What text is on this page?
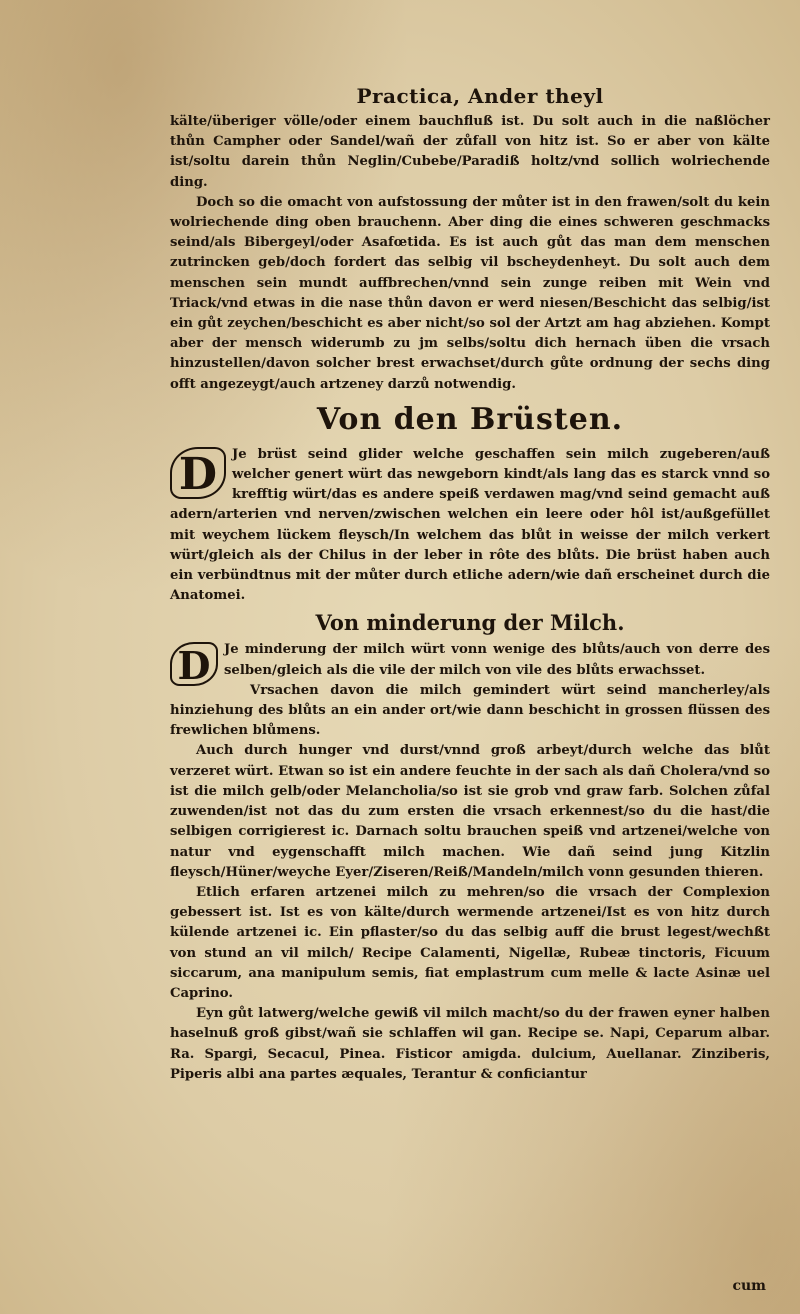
Practica, Ander theyl

kälte/überiger völle/oder einem bauchfluß ist. Du solt auch in die naßlöcher thůn Campher oder Sandel/wañ der zůfall von hitz ist. So er aber von kälte ist/soltu darein thůn Neglin/Cubebe/Paradiß holtz/vnd sollich wolriechende ding.

Doch so die omacht von aufstossung der můter ist in den frawen/solt du kein wolriechende ding oben brauchenn. Aber ding die eines schweren geschmacks seind/als Bibergeyl/oder Asafœtida. Es ist auch gůt das man dem menschen zutrincken geb/doch fordert das selbig vil bscheydenheyt. Du solt auch dem menschen sein mundt auffbrechen/vnnd sein zunge reiben mit Wein vnd Triack/vnd etwas in die nase thůn davon er werd niesen/Beschicht das selbig/ist ein gůt zeychen/beschicht es aber nicht/so sol der Artzt am hag abziehen. Kompt aber der mensch widerumb zu jm selbs/soltu dich hernach üben die vrsach hinzustellen/davon solcher brest erwachset/durch gůte ordnung der sechs ding offt angezeygt/auch artzeney darzů notwendig.

Von den Brüsten.

D	Je brüst seind glider welche geschaffen sein milch zugeberen/auß welcher genert würt das newgeborn kindt/als lang das es starck vnnd so krefftig würt/das es andere speiß verdawen mag/vnd seind gemacht auß adern/arterien vnd nerven/zwischen welchen ein leere oder hôl ist/außgefüllet mit weychem lückem fleysch/In welchem das blůt in weisse der milch verkert würt/gleich als der Chilus in der leber in rôte des blůts. Die brüst haben auch ein verbündtnus mit der můter durch etliche adern/wie dañ erscheinet durch die Anatomei.

Von minderung der Milch.

D	Je minderung der milch würt vonn wenige des blůts/auch von derre des selben/gleich als die vile der milch von vile des blůts erwachsset.

Vrsachen davon die milch gemindert würt seind mancherley/als hinziehung des blůts an ein ander ort/wie dann beschicht in grossen flüssen des frewlichen blůmens.

Auch durch hunger vnd durst/vnnd groß arbeyt/durch welche das blůt verzeret würt. Etwan so ist ein andere feuchte in der sach als dañ Cholera/vnd so ist die milch gelb/oder Melancholia/so ist sie grob vnd graw farb. Solchen zůfal zuwenden/ist not das du zum ersten die vrsach erkennest/so du die hast/die selbigen corrigierest ic. Darnach soltu brauchen speiß vnd artzenei/welche von natur vnd eygenschafft milch machen. Wie dañ seind jung Kitzlin fleysch/Hüner/weyche Eyer/Ziseren/Reiß/Mandeln/milch vonn gesunden thieren.

Etlich erfaren artzenei milch zu mehren/so die vrsach der Complexion gebessert ist. Ist es von kälte/durch wermende artzenei/Ist es von hitz durch külende artzenei ic. Ein pflaster/so du das selbig auff die brust legest/wechßt von stund an vil milch/ Recipe Calamenti, Nigellæ, Rubeæ tinctoris, Ficuum siccarum, ana manipulum semis, fiat emplastrum cum melle & lacte Asinæ uel Caprino.

Eyn gůt latwerg/welche gewiß vil milch macht/so du der frawen eyner halben haselnuß groß gibst/wañ sie schlaffen wil gan. Recipe se. Napi, Ceparum albar. Ra. Spargi, Secacul, Pinea. Fisticor amigda. dulcium, Auellanar. Zinziberis, Piperis albi ana partes æquales, Terantur & conficiantur

cum
